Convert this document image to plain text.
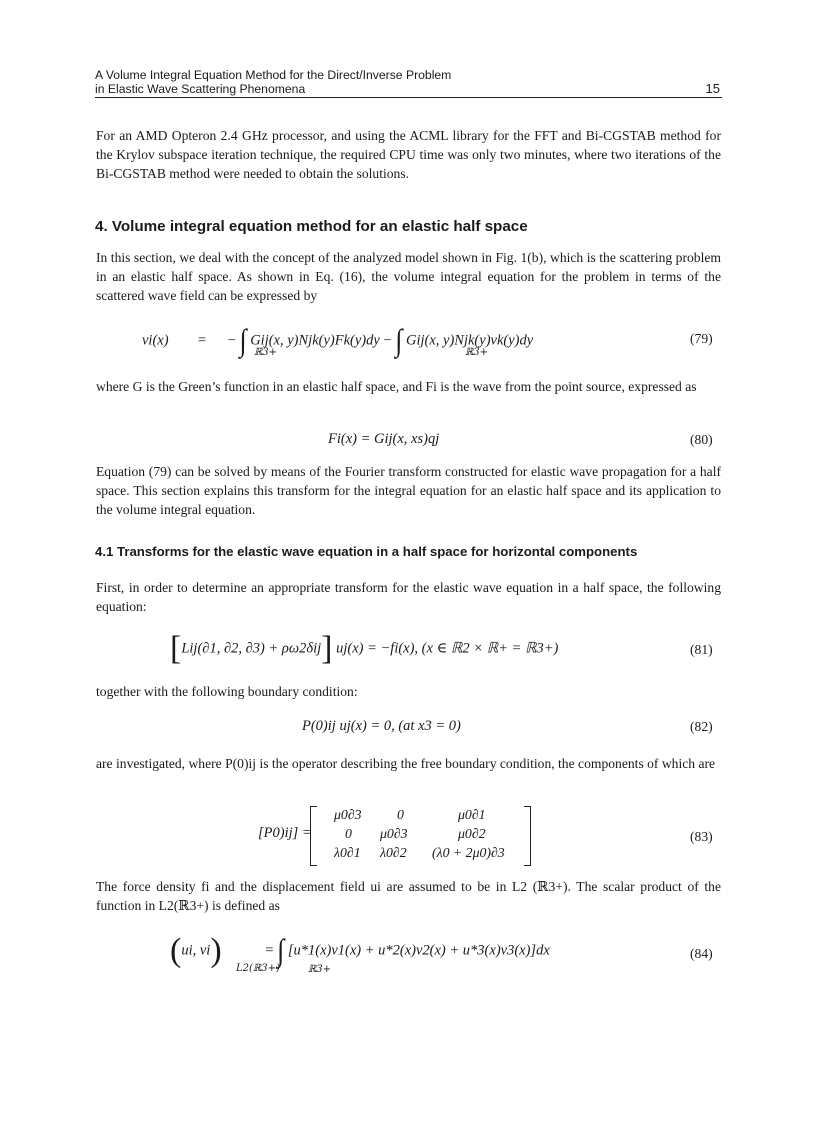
A Volume Integral Equation Method for the Direct/Inverse Problem
in Elastic Wave Scattering Phenomena	15
For an AMD Opteron 2.4 GHz processor, and using the ACML library for the FFT and Bi-CGSTAB method for the Krylov subspace iteration technique, the required CPU time was only two minutes, where two iterations of the Bi-CGSTAB method were needed to obtain the solutions.
4. Volume integral equation method for an elastic half space
In this section, we deal with the concept of the analyzed model shown in Fig. 1(b), which is the scattering problem in an elastic half space. As shown in Eq. (16), the volume integral equation for the problem in terms of the scattered wave field can be expressed by
vi(x) = − ∫ Gij(x, y)Njk(y)Fk(y)dy − ∫ Gij(x, y)Njk(y)vk(y)dy
ℝ3+	ℝ3+
(79)
where G is the Green’s function in an elastic half space, and Fi is the wave from the point source, expressed as
Fi(x) = Gij(x, xs)qj	(80)
Equation (79) can be solved by means of the Fourier transform constructed for elastic wave propagation for a half space. This section explains this transform for the integral equation for an elastic half space and its application to the volume integral equation.
4.1 Transforms for the elastic wave equation in a half space for horizontal components
First, in order to determine an appropriate transform for the elastic wave equation in a half space, the following equation:
[Lij(∂1, ∂2, ∂3) + ρω2δij] uj(x) = −fi(x), (x ∈ ℝ2 × ℝ+ = ℝ3+)	(81)
together with the following boundary condition:
P(0)ij uj(x) = 0, (at x3 = 0)	(82)
are investigated, where P(0)ij is the operator describing the free boundary condition, the components of which are
[P0)ij] =
μ0∂3	0	μ0∂1
0 μ0∂3	μ0∂2
λ0∂1 λ0∂2 (λ0 + 2μ0)∂3
(83)
The force density fi and the displacement field ui are assumed to be in L2 (ℝ3+). The scalar product of the function in L2(ℝ3+) is defined as
(ui, vi)	= ∫ [u*1(x)v1(x) + u*2(x)v2(x) + u*3(x)v3(x)]dx
L2(ℝ3+)	ℝ3+
(84)
